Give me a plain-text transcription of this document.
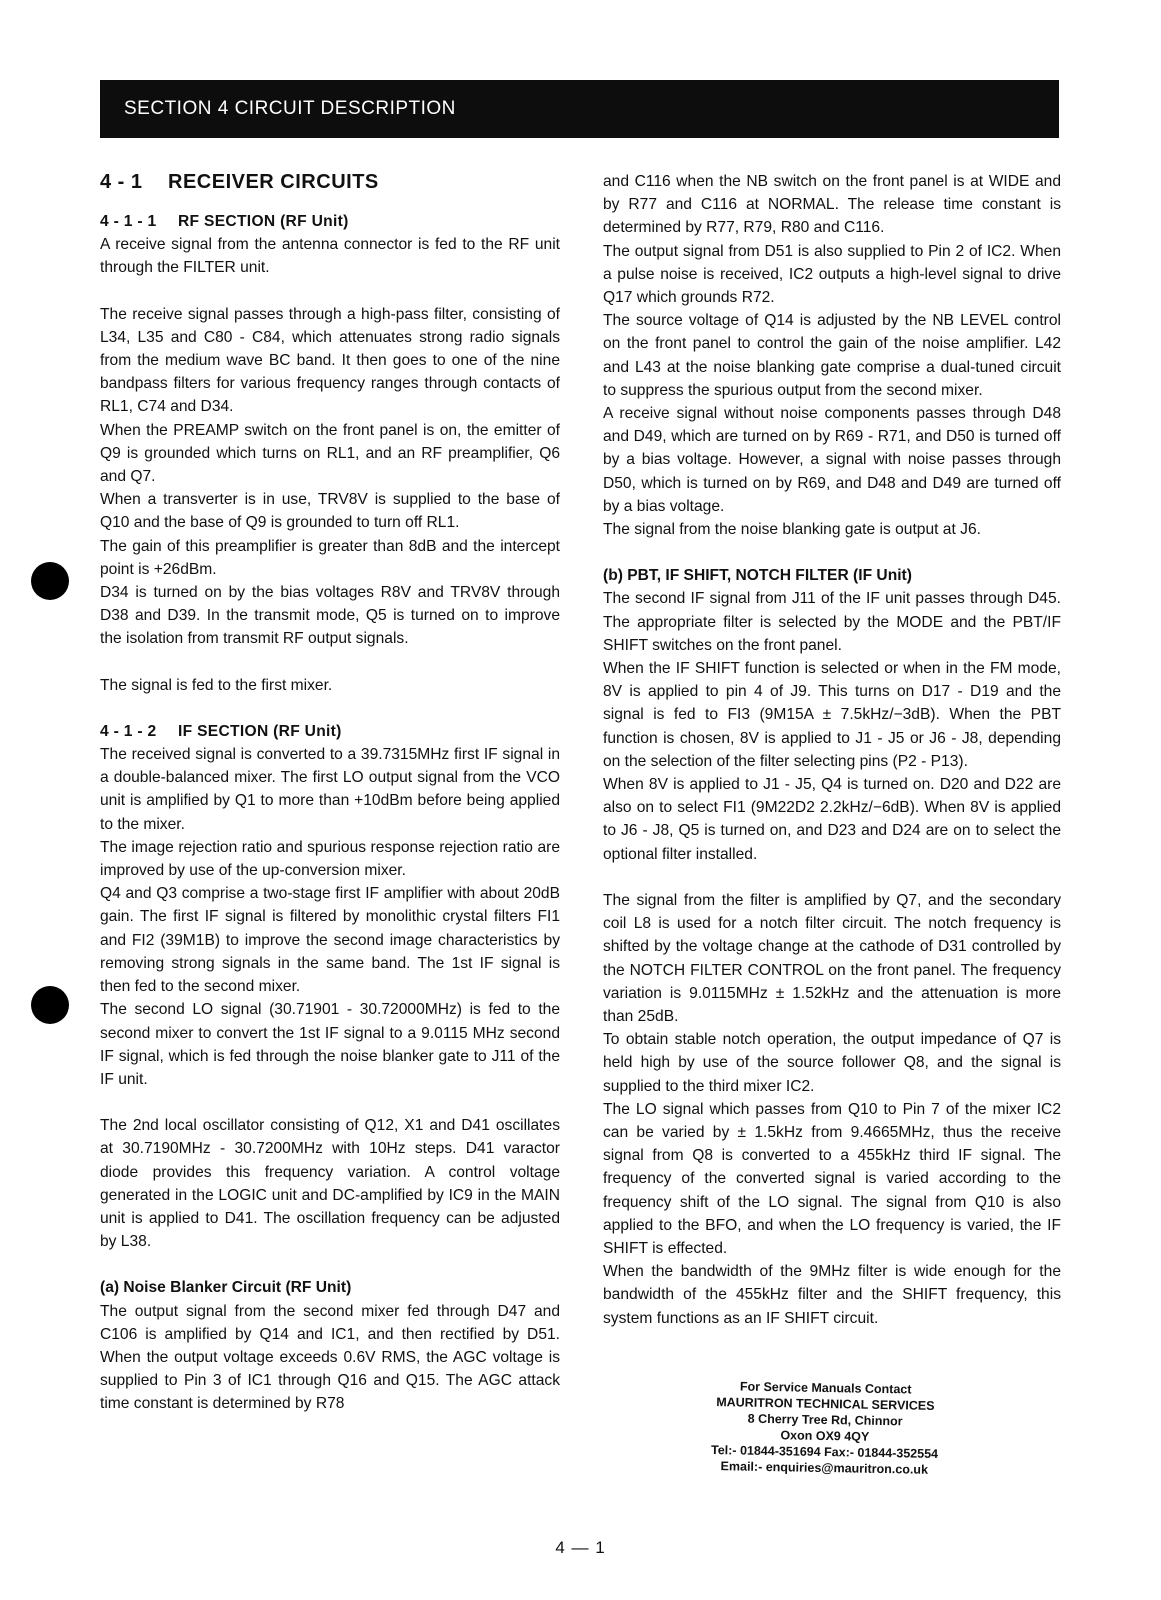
SECTION 4 CIRCUIT DESCRIPTION
4 - 1 RECEIVER CIRCUITS
4 - 1 - 1 RF SECTION (RF Unit)

A receive signal from the antenna connector is fed to the RF unit through the FILTER unit.

The receive signal passes through a high-pass filter, consisting of L34, L35 and C80 - C84, which attenuates strong radio signals from the medium wave BC band. It then goes to one of the nine bandpass filters for various frequency ranges through contacts of RL1, C74 and D34.

When the PREAMP switch on the front panel is on, the emitter of Q9 is grounded which turns on RL1, and an RF preamplifier, Q6 and Q7.

When a transverter is in use, TRV8V is supplied to the base of Q10 and the base of Q9 is grounded to turn off RL1.

The gain of this preamplifier is greater than 8dB and the intercept point is +26dBm.

D34 is turned on by the bias voltages R8V and TRV8V through D38 and D39. In the transmit mode, Q5 is turned on to improve the isolation from transmit RF output signals.

The signal is fed to the first mixer.

4 - 1 - 2 IF SECTION (RF Unit)

The received signal is converted to a 39.7315MHz first IF signal in a double-balanced mixer. The first LO output signal from the VCO unit is amplified by Q1 to more than +10dBm before being applied to the mixer.

The image rejection ratio and spurious response rejection ratio are improved by use of the up-conversion mixer.

Q4 and Q3 comprise a two-stage first IF amplifier with about 20dB gain. The first IF signal is filtered by monolithic crystal filters FI1 and FI2 (39M1B) to improve the second image characteristics by removing strong signals in the same band. The 1st IF signal is then fed to the second mixer.

The second LO signal (30.71901 - 30.72000MHz) is fed to the second mixer to convert the 1st IF signal to a 9.0115 MHz second IF signal, which is fed through the noise blanker gate to J11 of the IF unit.

The 2nd local oscillator consisting of Q12, X1 and D41 oscillates at 30.7190MHz - 30.7200MHz with 10Hz steps. D41 varactor diode provides this frequency variation. A control voltage generated in the LOGIC unit and DC-amplified by IC9 in the MAIN unit is applied to D41. The oscillation frequency can be adjusted by L38.

(a) Noise Blanker Circuit (RF Unit)

The output signal from the second mixer fed through D47 and C106 is amplified by Q14 and IC1, and then rectified by D51. When the output voltage exceeds 0.6V RMS, the AGC voltage is supplied to Pin 3 of IC1 through Q16 and Q15. The AGC attack time constant is determined by R78

and C116 when the NB switch on the front panel is at WIDE and by R77 and C116 at NORMAL. The release time constant is determined by R77, R79, R80 and C116.

The output signal from D51 is also supplied to Pin 2 of IC2. When a pulse noise is received, IC2 outputs a high-level signal to drive Q17 which grounds R72.

The source voltage of Q14 is adjusted by the NB LEVEL control on the front panel to control the gain of the noise amplifier. L42 and L43 at the noise blanking gate comprise a dual-tuned circuit to suppress the spurious output from the second mixer.

A receive signal without noise components passes through D48 and D49, which are turned on by R69 - R71, and D50 is turned off by a bias voltage. However, a signal with noise passes through D50, which is turned on by R69, and D48 and D49 are turned off by a bias voltage.

The signal from the noise blanking gate is output at J6.

(b) PBT, IF SHIFT, NOTCH FILTER (IF Unit)

The second IF signal from J11 of the IF unit passes through D45. The appropriate filter is selected by the MODE and the PBT/IF SHIFT switches on the front panel.

When the IF SHIFT function is selected or when in the FM mode, 8V is applied to pin 4 of J9. This turns on D17 - D19 and the signal is fed to FI3 (9M15A ± 7.5kHz/−3dB). When the PBT function is chosen, 8V is applied to J1 - J5 or J6 - J8, depending on the selection of the filter selecting pins (P2 - P13).

When 8V is applied to J1 - J5, Q4 is turned on. D20 and D22 are also on to select FI1 (9M22D2 2.2kHz/−6dB). When 8V is applied to J6 - J8, Q5 is turned on, and D23 and D24 are on to select the optional filter installed.

The signal from the filter is amplified by Q7, and the secondary coil L8 is used for a notch filter circuit. The notch frequency is shifted by the voltage change at the cathode of D31 controlled by the NOTCH FILTER CONTROL on the front panel. The frequency variation is 9.0115MHz ± 1.52kHz and the attenuation is more than 25dB.

To obtain stable notch operation, the output impedance of Q7 is held high by use of the source follower Q8, and the signal is supplied to the third mixer IC2.

The LO signal which passes from Q10 to Pin 7 of the mixer IC2 can be varied by ± 1.5kHz from 9.4665MHz, thus the receive signal from Q8 is converted to a 455kHz third IF signal. The frequency of the converted signal is varied according to the frequency shift of the LO signal. The signal from Q10 is also applied to the BFO, and when the LO frequency is varied, the IF SHIFT is effected.

When the bandwidth of the 9MHz filter is wide enough for the bandwidth of the 455kHz filter and the SHIFT frequency, this system functions as an IF SHIFT circuit.

For Service Manuals Contact
MAURITRON TECHNICAL SERVICES
8 Cherry Tree Rd, Chinnor
Oxon OX9 4QY
Tel:- 01844-351694 Fax:- 01844-352554
Email:- enquiries@mauritron.co.uk
4 — 1
